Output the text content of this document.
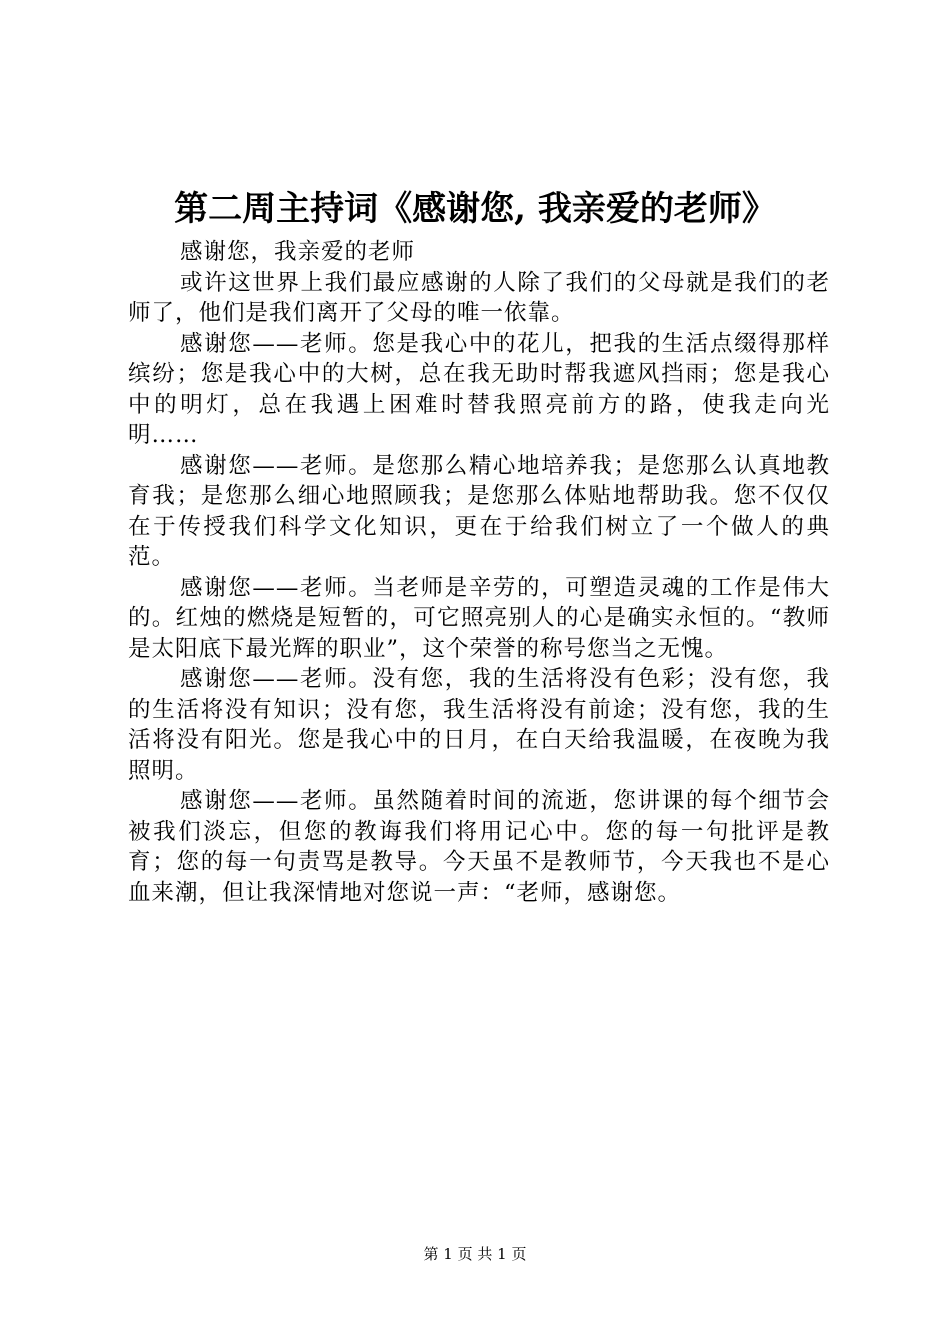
第二周主持词《感谢您, 我亲爱的老师》

感谢您，我亲爱的老师

或许这世界上我们最应感谢的人除了我们的父母就是我们的老师了，他们是我们离开了父母的唯一依靠。

感谢您——老师。您是我心中的花儿，把我的生活点缀得那样缤纷；您是我心中的大树，总在我无助时帮我遮风挡雨；您是我心中的明灯，总在我遇上困难时替我照亮前方的路，使我走向光明……

感谢您——老师。是您那么精心地培养我；是您那么认真地教育我；是您那么细心地照顾我；是您那么体贴地帮助我。您不仅仅在于传授我们科学文化知识，更在于给我们树立了一个做人的典范。

感谢您——老师。当老师是辛劳的，可塑造灵魂的工作是伟大的。红烛的燃烧是短暂的，可它照亮别人的心是确实永恒的。“教师是太阳底下最光辉的职业”，这个荣誉的称号您当之无愧。

感谢您——老师。没有您，我的生活将没有色彩；没有您，我的生活将没有知识；没有您，我生活将没有前途；没有您，我的生活将没有阳光。您是我心中的日月，在白天给我温暖，在夜晚为我照明。

感谢您——老师。虽然随着时间的流逝，您讲课的每个细节会被我们淡忘，但您的教诲我们将用记心中。您的每一句批评是教育；您的每一句责骂是教导。今天虽不是教师节，今天我也不是心血来潮，但让我深情地对您说一声：“老师，感谢您。

第 1 页 共 1 页
